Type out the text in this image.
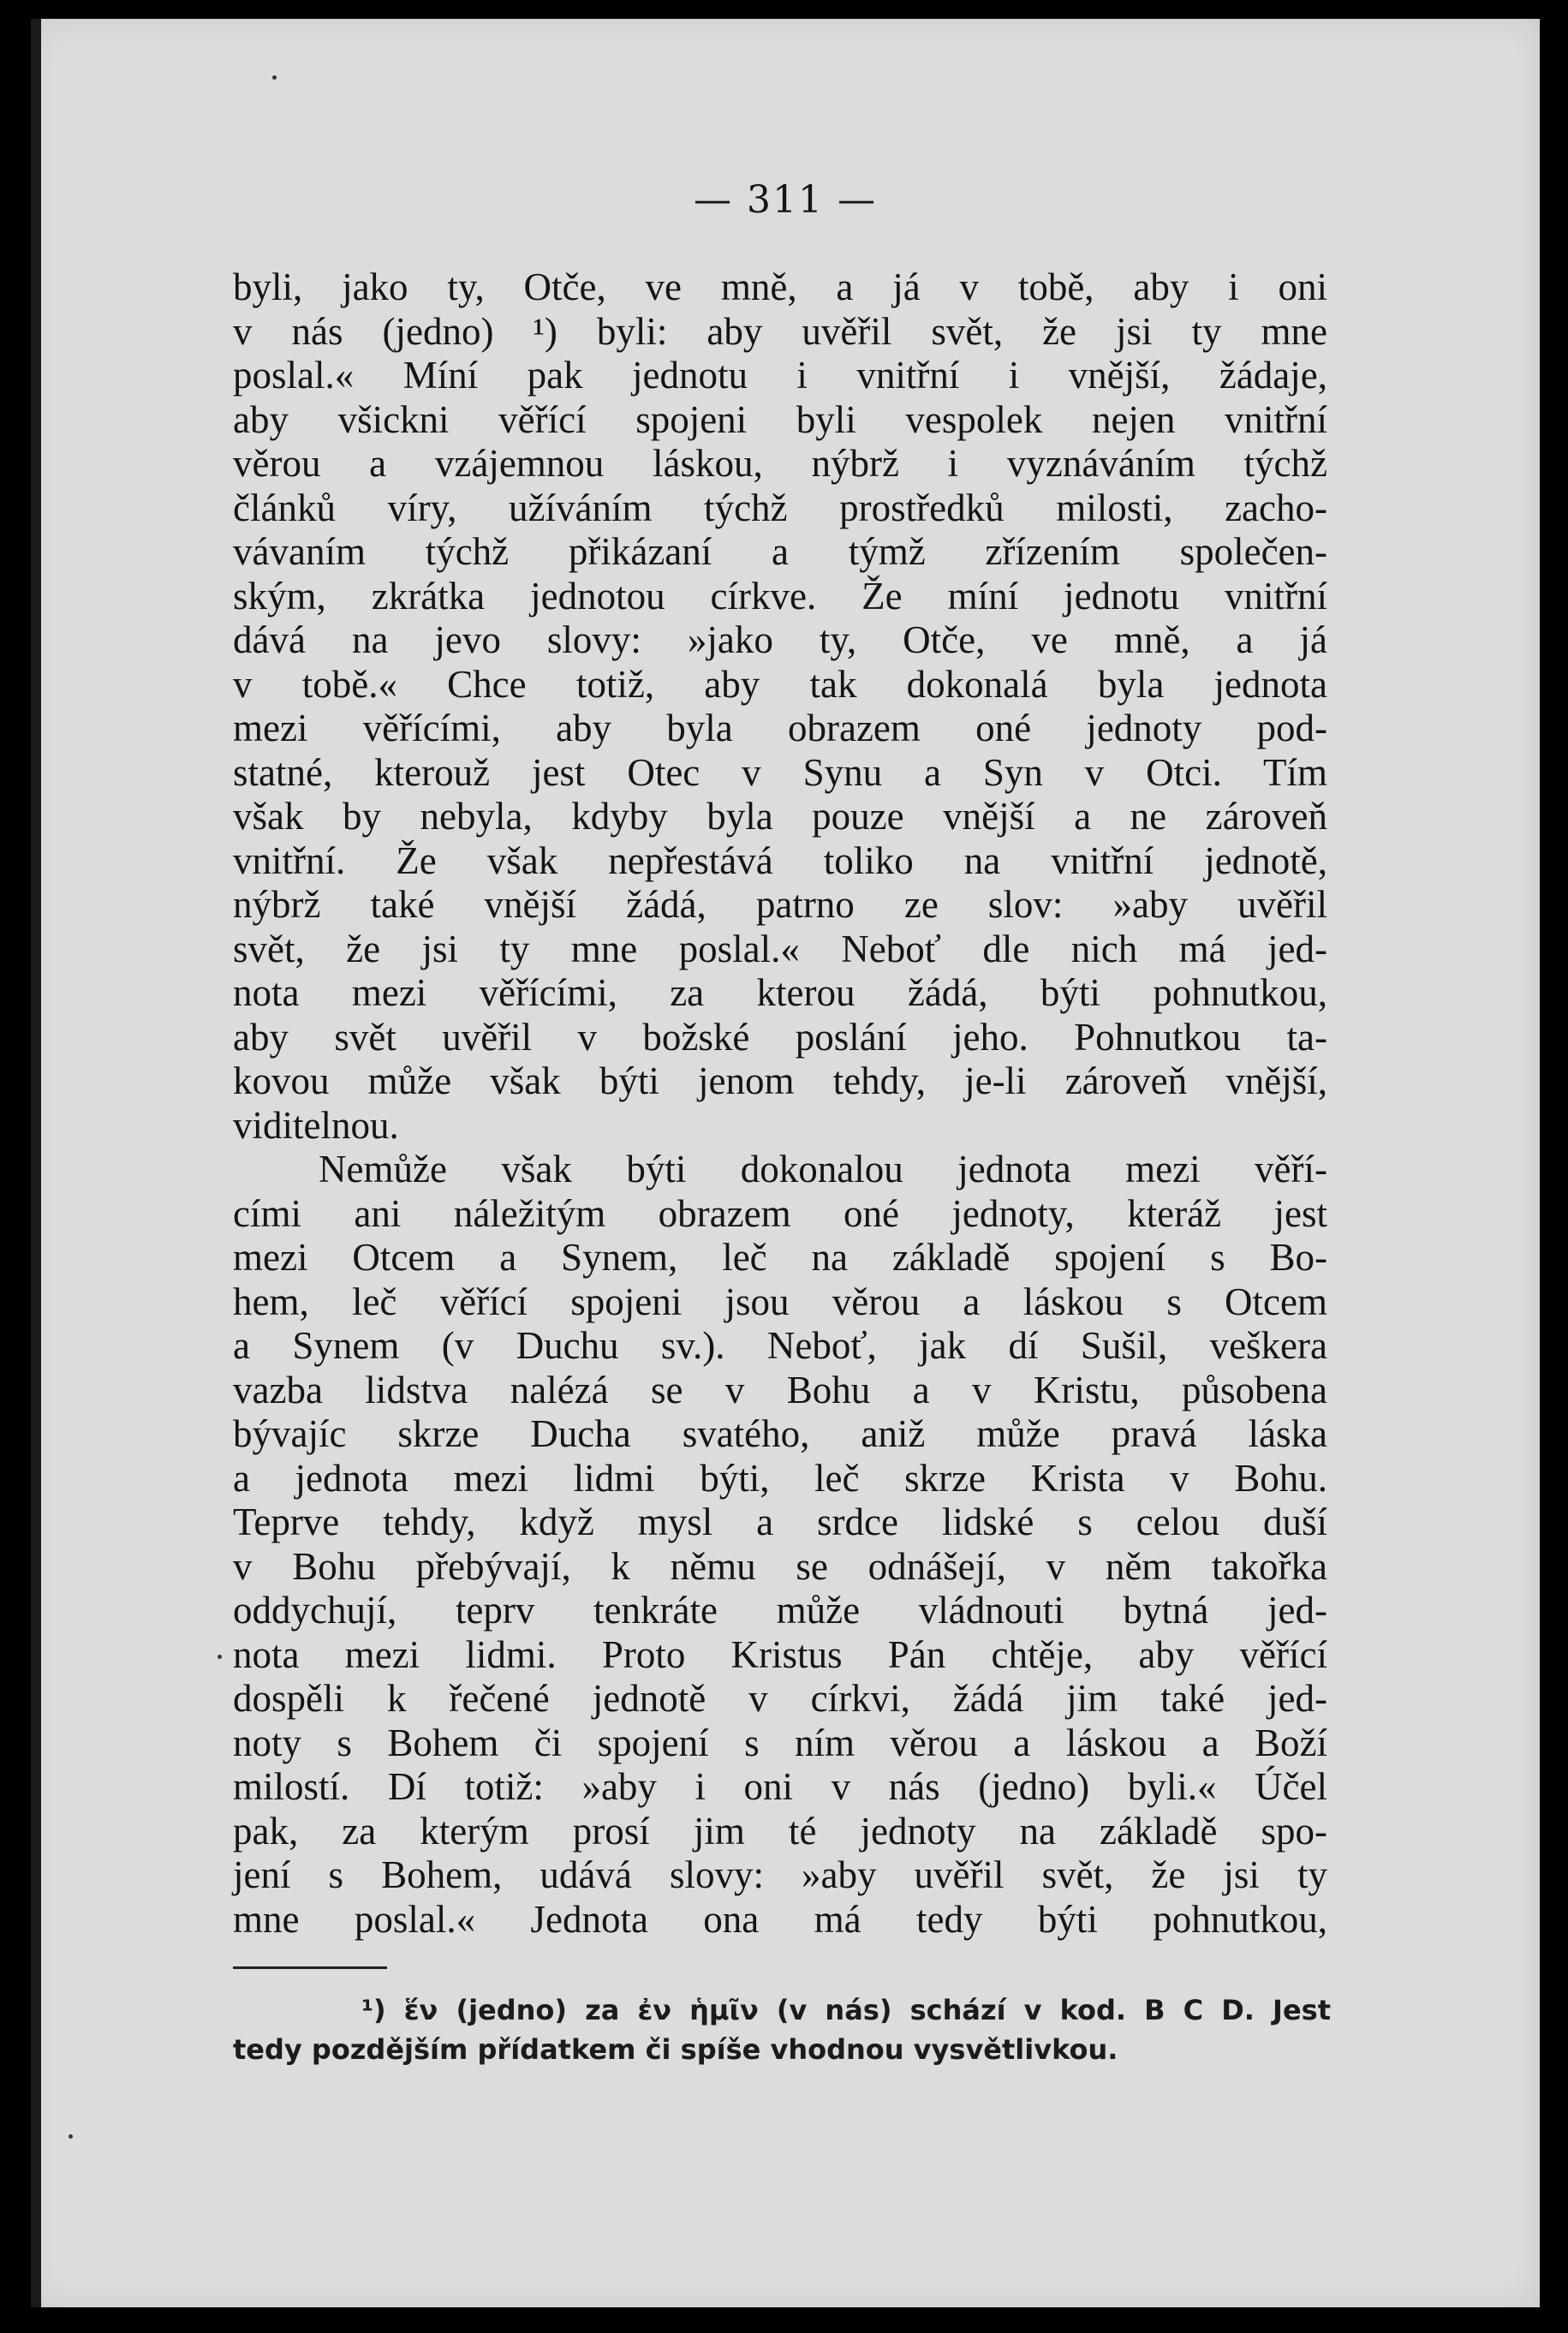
— 311 —
byli, jako ty, Otče, ve mně, a já v tobě, aby i oni
v nás (jedno) ¹) byli: aby uvěřil svět, že jsi ty mne
poslal.« Míní pak jednotu i vnitřní i vnější, žádaje,
aby všickni věřící spojeni byli vespolek nejen vnitřní
věrou a vzájemnou láskou, nýbrž i vyznáváním týchž
článků víry, užíváním týchž prostředků milosti, zacho-
vávaním týchž přikázaní a týmž zřízením společen-
ským, zkrátka jednotou církve. Že míní jednotu vnitřní
dává na jevo slovy: »jako ty, Otče, ve mně, a já
v tobě.« Chce totiž, aby tak dokonalá byla jednota
mezi věřícími, aby byla obrazem oné jednoty pod-
statné, kterouž jest Otec v Synu a Syn v Otci. Tím
však by nebyla, kdyby byla pouze vnější a ne zároveň
vnitřní. Že však nepřestává toliko na vnitřní jednotě,
nýbrž také vnější žádá, patrno ze slov: »aby uvěřil
svět, že jsi ty mne poslal.« Neboť dle nich má jed-
nota mezi věřícími, za kterou žádá, býti pohnutkou,
aby svět uvěřil v božské poslání jeho. Pohnutkou ta-
kovou může však býti jenom tehdy, je-li zároveň vnější,
viditelnou.
Nemůže však býti dokonalou jednota mezi věří-
cími ani náležitým obrazem oné jednoty, kteráž jest
mezi Otcem a Synem, leč na základě spojení s Bo-
hem, leč věřící spojeni jsou věrou a láskou s Otcem
a Synem (v Duchu sv.). Neboť, jak dí Sušil, veškera
vazba lidstva nalézá se v Bohu a v Kristu, působena
bývajíc skrze Ducha svatého, aniž může pravá láska
a jednota mezi lidmi býti, leč skrze Krista v Bohu.
Teprve tehdy, když mysl a srdce lidské s celou duší
v Bohu přebývají, k němu se odnášejí, v něm takořka
oddychují, teprv tenkráte může vládnouti bytná jed-
nota mezi lidmi. Proto Kristus Pán chtěje, aby věřící
dospěli k řečené jednotě v církvi, žádá jim také jed-
noty s Bohem či spojení s ním věrou a láskou a Boží
milostí. Dí totiž: »aby i oni v nás (jedno) byli.« Účel
pak, za kterým prosí jim té jednoty na základě spo-
jení s Bohem, udává slovy: »aby uvěřil svět, že jsi ty
mne poslal.« Jednota ona má tedy býti pohnutkou,
¹) ἕν (jedno) za ἐν ἡμῖν (v nás) schází v kod. B C D. Jest
tedy pozdějším přídatkem či spíše vhodnou vysvětlivkou.
